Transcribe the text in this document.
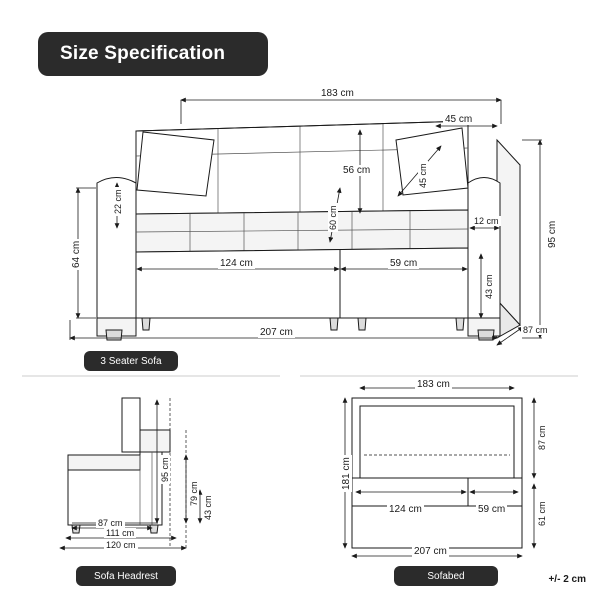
Size Specification
183 cm
45 cm
95 cm
87 cm
56 cm	45 cm
60 cm
22 cm
64 cm
12 cm
43 cm
124 cm	59 cm
207 cm
95 cm
79 cm
43 cm
87 cm
111 cm
120 cm
183 cm
181 cm
87 cm
61 cm
124 cm	59 cm
207 cm
3 Seater Sofa
Sofa Headrest	Sofabed	+/- 2 cm
